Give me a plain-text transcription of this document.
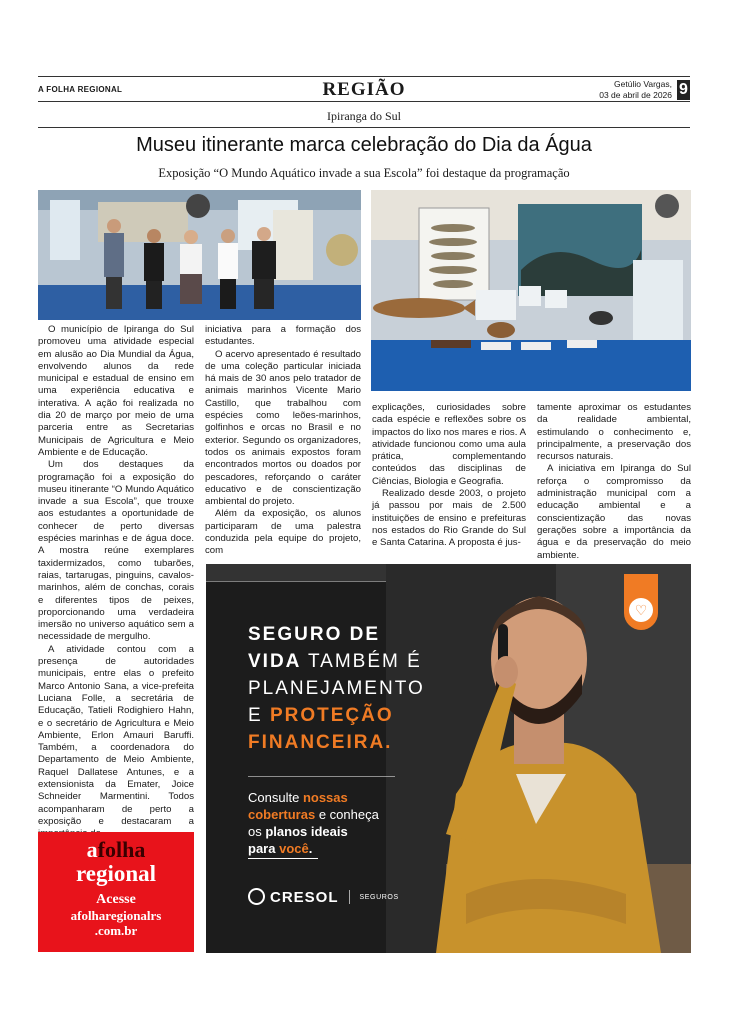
A FOLHA REGIONAL	REGIÃO	Getúlio Vargas,
03 de abril de 2026 9
Ipiranga do Sul
Museu itinerante marca celebração do Dia da Água
Exposição “O Mundo Aquático invade a sua Escola” foi destaque da programação

O município de Ipiranga do Sul promoveu uma atividade especial em alusão ao Dia Mundial da Água, envolvendo alunos da rede municipal e estadual de ensino em uma experiência educativa e interativa. A ação foi realizada no dia 20 de março por meio de uma parceria entre as Secretarias Municipais de Agricultura e Meio Ambiente e de Educação.

Um dos destaques da programação foi a exposição do museu itinerante “O Mundo Aquático invade a sua Escola”, que trouxe aos estudantes a oportunidade de conhecer de perto diversas espécies marinhas e de água doce. A mostra reúne exemplares taxidermizados, como tubarões, raias, tartarugas, pinguins, cavalos-marinhos, além de conchas, corais e diferentes tipos de peixes, proporcionando uma verdadeira imersão no universo aquático sem a necessidade de mergulho.

A atividade contou com a presença de autoridades municipais, entre elas o prefeito Marco Antonio Sana, a vice-prefeita Luciana Folle, a secretária de Educação, Tatieli Rodighiero Hahn, e o secretário de Agricultura e Meio Ambiente, Erlon Amauri Baruffi. Também, a coordenadora do Departamento de Meio Ambiente, Raquel Dallatese Antunes, e a extensionista da Emater, Joice Schneider Marmentini. Todos acompanharam de perto a exposição e destacaram a

iniciativa para a formação dos estudantes.

O acervo apresentado é resultado de uma coleção particular iniciada há mais de 30 anos pelo tratador de animais marinhos Vicente Mario Castillo, que trabalhou com espécies como leões-marinhos, golfinhos e orcas no Brasil e no exterior. Segundo os organizadores, todos os animais expostos foram encontrados mortos ou doados por pescadores, reforçando o caráter educativo e de conscientização ambiental do projeto.

Além da exposição, os alunos participaram de uma palestra conduzida pela equipe do projeto, com

explicações, curiosidades sobre cada espécie e reflexões sobre os impactos do lixo nos mares e rios. A atividade funcionou como uma aula prática, complementando conteúdos das disciplinas de Ciências, Biologia e Geografia.

Realizado desde 2003, o projeto já passou por mais de 2.500 instituições de ensino e prefeituras nos estados do Rio Grande do Sul e Santa Catarina. A proposta é jus-

tamente aproximar os estudantes da realidade ambiental, estimulando o conhecimento e, principalmente, a preservação dos recursos naturais.

A iniciativa em Ipiranga do Sul reforça o compromisso da administração municipal com a educação ambiental e a conscientização das novas gerações sobre a importância da água e da preservação do meio ambiente.

afolha
regional
Acesse
afolharegionalrs
.com.br
♡
SEGURO DE
VIDA TAMBÉM É
PLANEJAMENTO
E PROTEÇÃO
FINANCEIRA.
Consulte nossas
coberturas e conheça
os planos ideais
para você.
CRESOL	$^{SEGUROS}$
